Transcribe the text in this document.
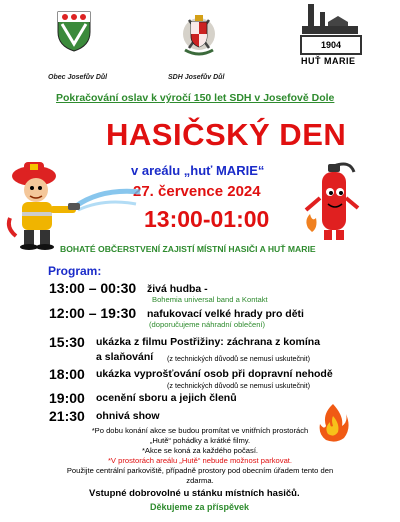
Obec Josefův Důl	SDH Josefův Důl
1904
HUŤ MARIE
Pokračování oslav k výročí 150 let SDH v Josefově Dole
HASIČSKÝ DEN
v areálu „huť MARIE“
27. července 2024
13:00-01:00
BOHATÉ OBČERSTVENÍ ZAJISTÍ MÍSTNÍ HASIČI A HUŤ MARIE
Program:
13:00 – 00:30 živá hudba -
Bohemia universal band a Kontakt
12:00 – 19:30 nafukovací velké hrady pro děti
(doporučujeme náhradní oblečení)
15:30 ukázka z filmu Postřižiny: záchrana z komína
a slaňování (z technických důvodů se nemusí uskutečnit)
18:00 ukázka vyprošťování osob při dopravní nehodě
(z technických důvodů se nemusí uskutečnit)
19:00 ocenění sboru a jejich členů
21:30 ohnivá show
*Po dobu konání akce se budou promítat ve vnitřních prostorách
„Hutě“ pohádky a krátké filmy.
*Akce se koná za každého počasí.
*V prostorách areálu „Hutě“ nebude možnost parkovat.
Použijte centrální parkoviště, případně prostory pod obecním úřadem tento den
zdarma.
Vstupné dobrovolné u stánku místních hasičů.
Děkujeme za příspěvek
